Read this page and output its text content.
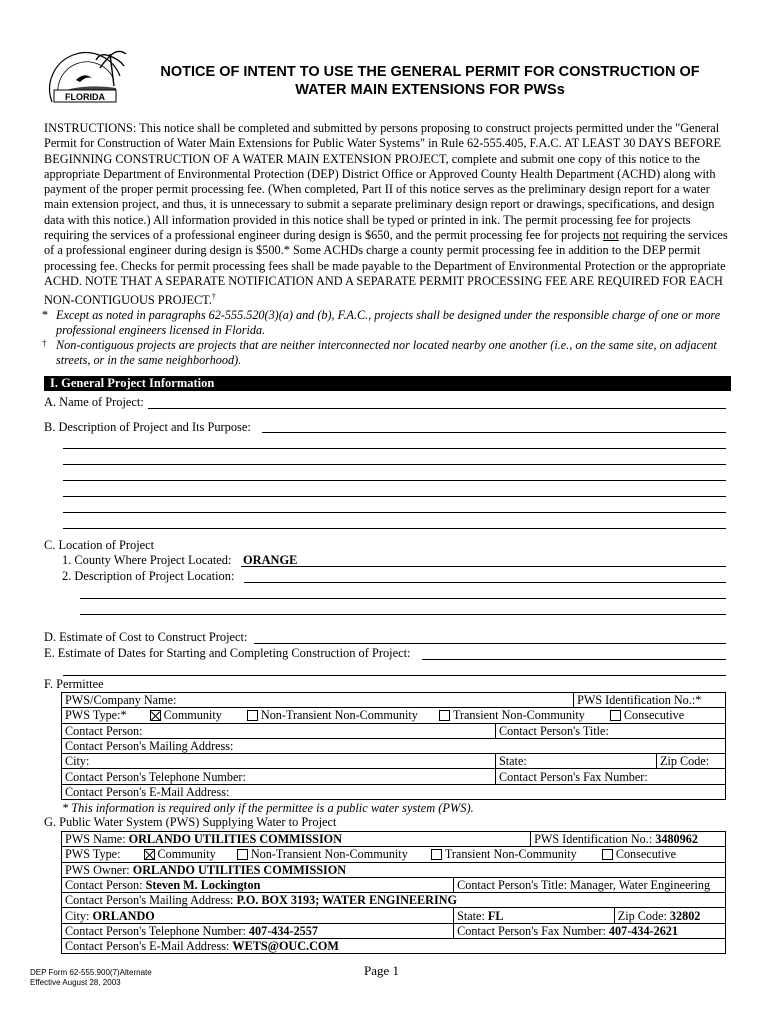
FLORIDA
NOTICE OF INTENT TO USE THE GENERAL PERMIT FOR CONSTRUCTION OF
WATER MAIN EXTENSIONS FOR PWSs
INSTRUCTIONS: This notice shall be completed and submitted by persons proposing to construct projects permitted under the "General Permit for Construction of Water Main Extensions for Public Water Systems" in Rule 62-555.405, F.A.C. AT LEAST 30 DAYS BEFORE BEGINNING CONSTRUCTION OF A WATER MAIN EXTENSION PROJECT, complete and submit one copy of this notice to the appropriate Department of Environmental Protection (DEP) District Office or Approved County Health Department (ACHD) along with payment of the proper permit processing fee. (When completed, Part II of this notice serves as the preliminary design report for a water main extension project, and thus, it is unnecessary to submit a separate preliminary design report or drawings, specifications, and design data with this notice.) All information provided in this notice shall be typed or printed in ink. The permit processing fee for projects requiring the services of a professional engineer during design is $650, and the permit processing fee for projects not requiring the services of a professional engineer during design is $500.* Some ACHDs charge a county permit processing fee in addition to the DEP permit processing fee. Checks for permit processing fees shall be made payable to the Department of Environmental Protection or the appropriate ACHD. NOTE THAT A SEPARATE NOTIFICATION AND A SEPARATE PERMIT PROCESSING FEE ARE REQUIRED FOR EACH NON-CONTIGUOUS PROJECT.†
* Except as noted in paragraphs 62-555.520(3)(a) and (b), F.A.C., projects shall be designed under the responsible charge of one or more professional engineers licensed in Florida.
† Non-contiguous projects are projects that are neither interconnected nor located nearby one another (i.e., on the same site, on adjacent streets, or in the same neighborhood).
I. General Project Information
A. Name of Project:
B. Description of Project and Its Purpose:
C. Location of Project
1. County Where Project Located: ORANGE
2. Description of Project Location:
D. Estimate of Cost to Construct Project:
E. Estimate of Dates for Starting and Completing Construction of Project:
F. Permittee
PWS/Company Name:		PWS Identification No.:*	
PWS Type:* Community Non-Transient Non-Community Transient Non-Community Consecutive			
Contact Person:	Contact Person's Title:		
Contact Person's Mailing Address:			
City:	State:		Zip Code:
Contact Person's Telephone Number:	Contact Person's Fax Number:		
Contact Person's E-Mail Address:			
* This information is required only if the permittee is a public water system (PWS).
G. Public Water System (PWS) Supplying Water to Project
PWS Name: ORLANDO UTILITIES COMMISSION		PWS Identification No.: 3480962	
PWS Type: Community Non-Transient Non-Community Transient Non-Community Consecutive			
PWS Owner: ORLANDO UTILITIES COMMISSION			
Contact Person: Steven M. Lockington	Contact Person's Title: Manager, Water Engineering		
Contact Person's Mailing Address: P.O. BOX 3193; WATER ENGINEERING			
City: ORLANDO	State: FL		Zip Code: 32802
Contact Person's Telephone Number: 407-434-2557	Contact Person's Fax Number: 407-434-2621		
Contact Person's E-Mail Address: WETS@OUC.COM			
DEP Form 62-555.900(7)Alternate
Effective August 28, 2003
Page 1
